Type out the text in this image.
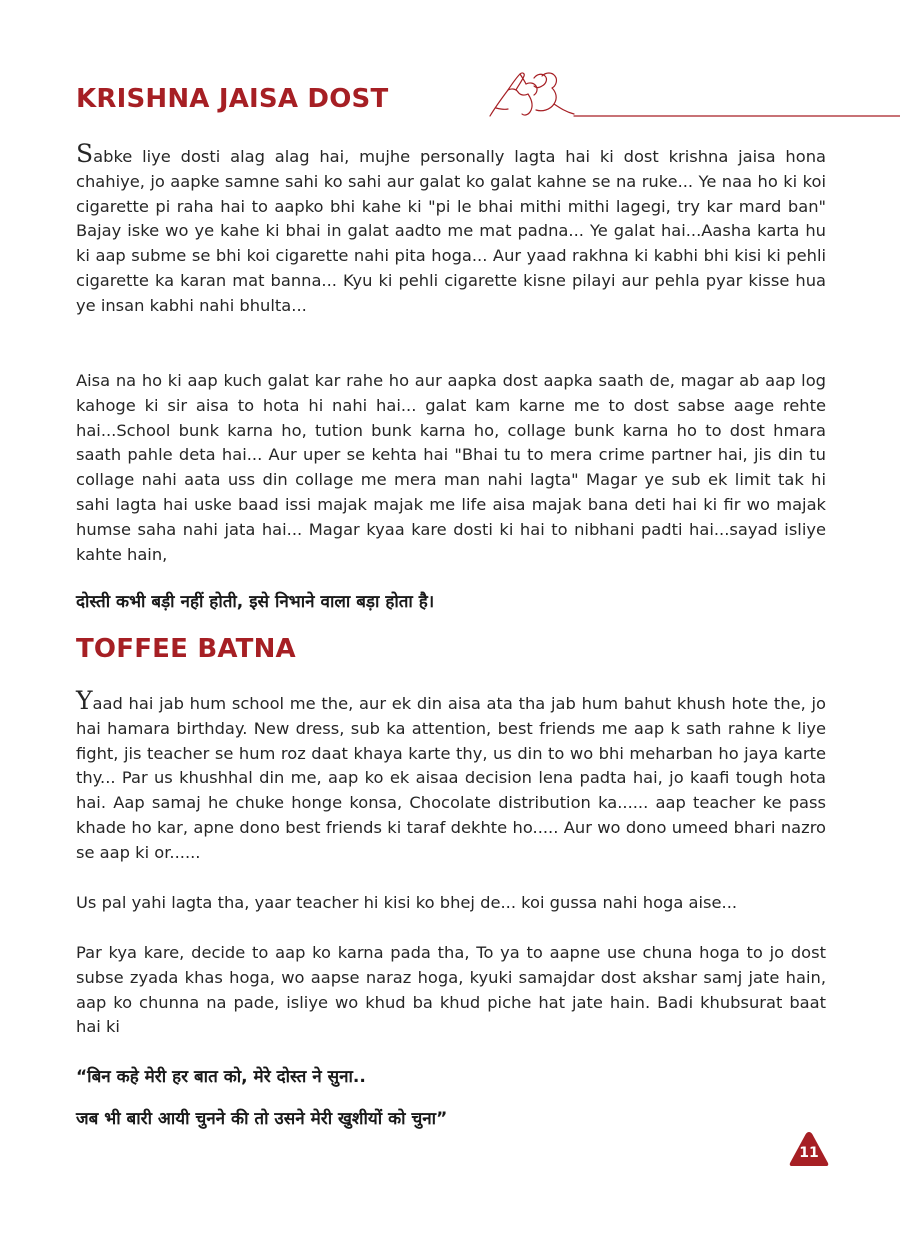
KRISHNA JAISA DOST

Sabke liye dosti alag alag hai, mujhe personally lagta hai ki dost krishna jaisa hona chahiye, jo aapke samne sahi ko sahi aur galat ko galat kahne se na ruke... Ye naa ho ki koi cigarette pi raha hai to aapko bhi kahe ki "pi le bhai mithi mithi lagegi, try kar mard ban" Bajay iske wo ye kahe ki bhai in galat aadto me mat padna... Ye galat hai...Aasha karta hu ki aap subme se bhi koi cigarette nahi pita hoga... Aur yaad rakhna ki kabhi bhi kisi ki pehli cigarette ka karan mat banna... Kyu ki pehli cigarette kisne pilayi aur pehla pyar kisse hua ye insan kabhi nahi bhulta...

Aisa na ho ki aap kuch galat kar rahe ho aur aapka dost aapka saath de, magar ab aap log kahoge ki sir aisa to hota hi nahi hai... galat kam karne me to dost sabse aage rehte hai...School bunk karna ho, tution bunk karna ho, collage bunk karna ho to dost hmara saath pahle deta hai... Aur uper se kehta hai "Bhai tu to mera crime partner hai, jis din tu collage nahi aata uss din collage me mera man nahi lagta" Magar ye sub ek limit tak hi sahi lagta hai uske baad issi majak majak me life aisa majak bana deti hai ki fir wo majak humse saha nahi jata hai... Magar kyaa kare dosti ki hai to nibhani padti hai...sayad isliye kahte hain,

दोस्ती कभी बड़ी नहीं होती, इसे निभाने वाला बड़ा होता है।

TOFFEE BATNA

Yaad hai jab hum school me the, aur ek din aisa ata tha jab hum bahut khush hote the, jo hai hamara birthday. New dress, sub ka attention, best friends me aap k sath rahne k liye fight, jis teacher se hum roz daat khaya karte thy, us din to wo bhi meharban ho jaya karte thy... Par us khushhal din me, aap ko ek aisaa decision lena padta hai, jo kaafi tough hota hai. Aap samaj he chuke honge konsa, Chocolate distribution ka...... aap teacher ke pass khade ho kar, apne dono best friends ki taraf dekhte ho..... Aur wo dono umeed bhari nazro se aap ki or......

Us pal yahi lagta tha, yaar teacher hi kisi ko bhej de... koi gussa nahi hoga aise...

Par kya kare, decide to aap ko karna pada tha, To ya to aapne use chuna hoga to jo dost subse zyada khas hoga, wo aapse naraz hoga, kyuki samajdar dost akshar samj jate hain, aap ko chunna na pade, isliye wo khud ba khud piche hat jate hain. Badi khubsurat baat hai ki

“बिन कहे मेरी हर बात को, मेरे दोस्त ने सुना..

जब भी बारी आयी चुनने की तो उसने मेरी खुशीयों को चुना”

11
